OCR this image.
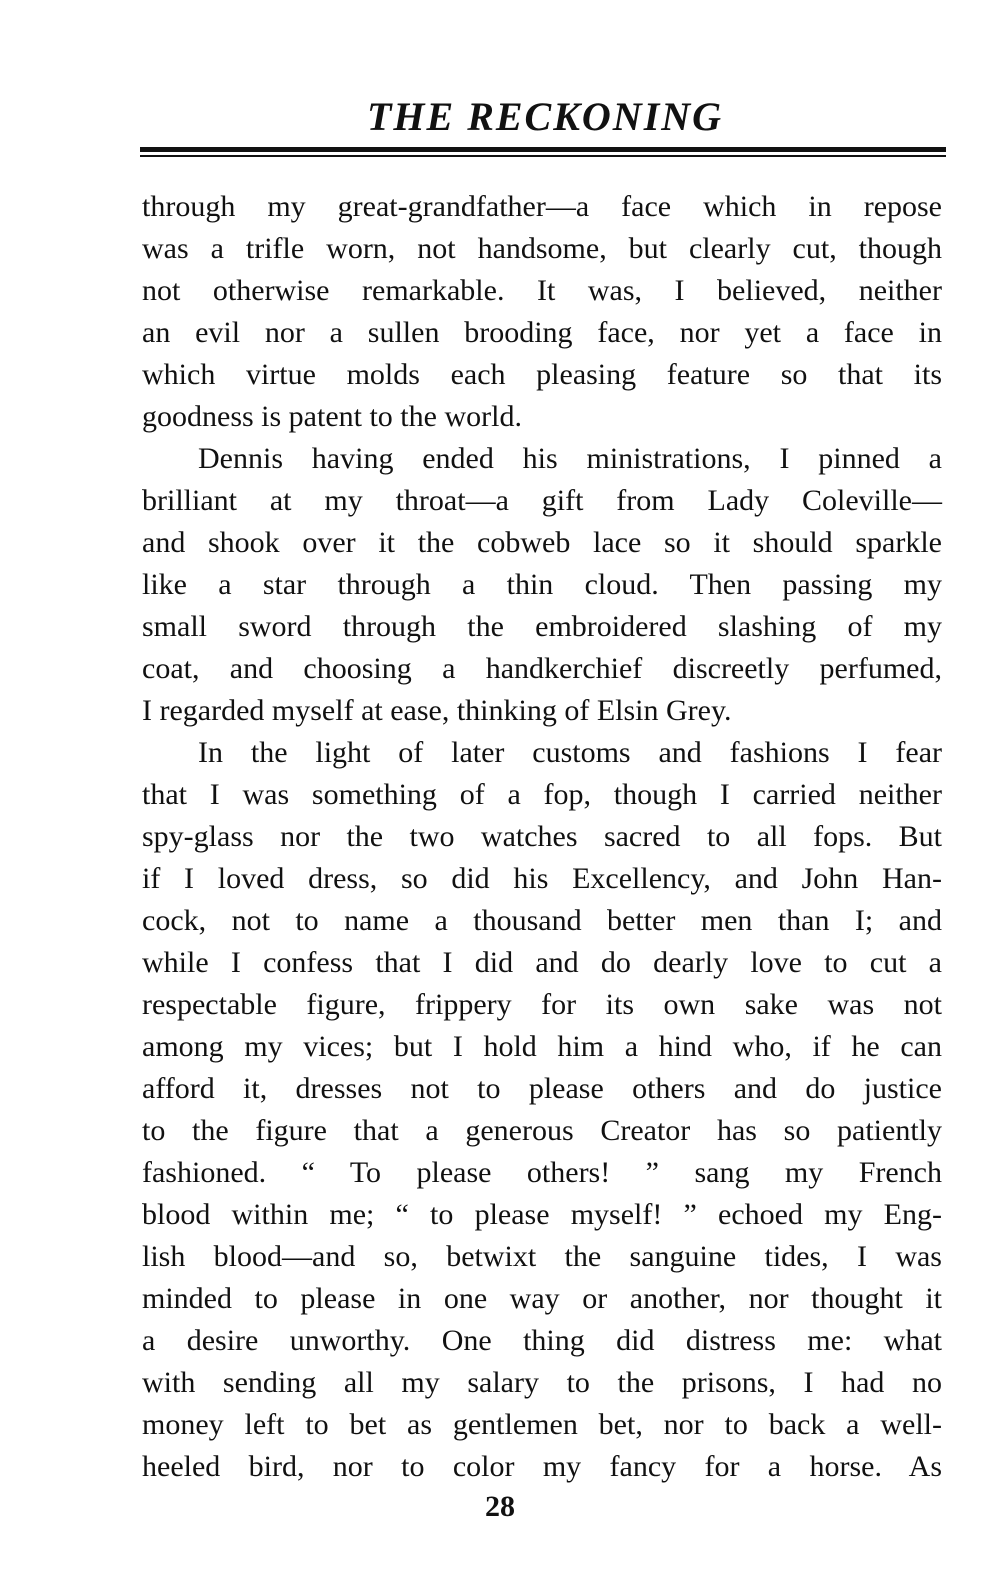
THE RECKONING
through my great-grandfather—a face which in repose
was a trifle worn, not handsome, but clearly cut, though
not otherwise remarkable. It was, I believed, neither
an evil nor a sullen brooding face, nor yet a face in
which virtue molds each pleasing feature so that its
goodness is patent to the world.
Dennis having ended his ministrations, I pinned a
brilliant at my throat—a gift from Lady Coleville—
and shook over it the cobweb lace so it should sparkle
like a star through a thin cloud. Then passing my
small sword through the embroidered slashing of my
coat, and choosing a handkerchief discreetly perfumed,
I regarded myself at ease, thinking of Elsin Grey.
In the light of later customs and fashions I fear
that I was something of a fop, though I carried neither
spy-glass nor the two watches sacred to all fops. But
if I loved dress, so did his Excellency, and John Han-
cock, not to name a thousand better men than I; and
while I confess that I did and do dearly love to cut a
respectable figure, frippery for its own sake was not
among my vices; but I hold him a hind who, if he can
afford it, dresses not to please others and do justice
to the figure that a generous Creator has so patiently
fashioned. “ To please others! ” sang my French
blood within me; “ to please myself! ” echoed my Eng-
lish blood—and so, betwixt the sanguine tides, I was
minded to please in one way or another, nor thought it
a desire unworthy. One thing did distress me: what
with sending all my salary to the prisons, I had no
money left to bet as gentlemen bet, nor to back a well-
heeled bird, nor to color my fancy for a horse. As
28
